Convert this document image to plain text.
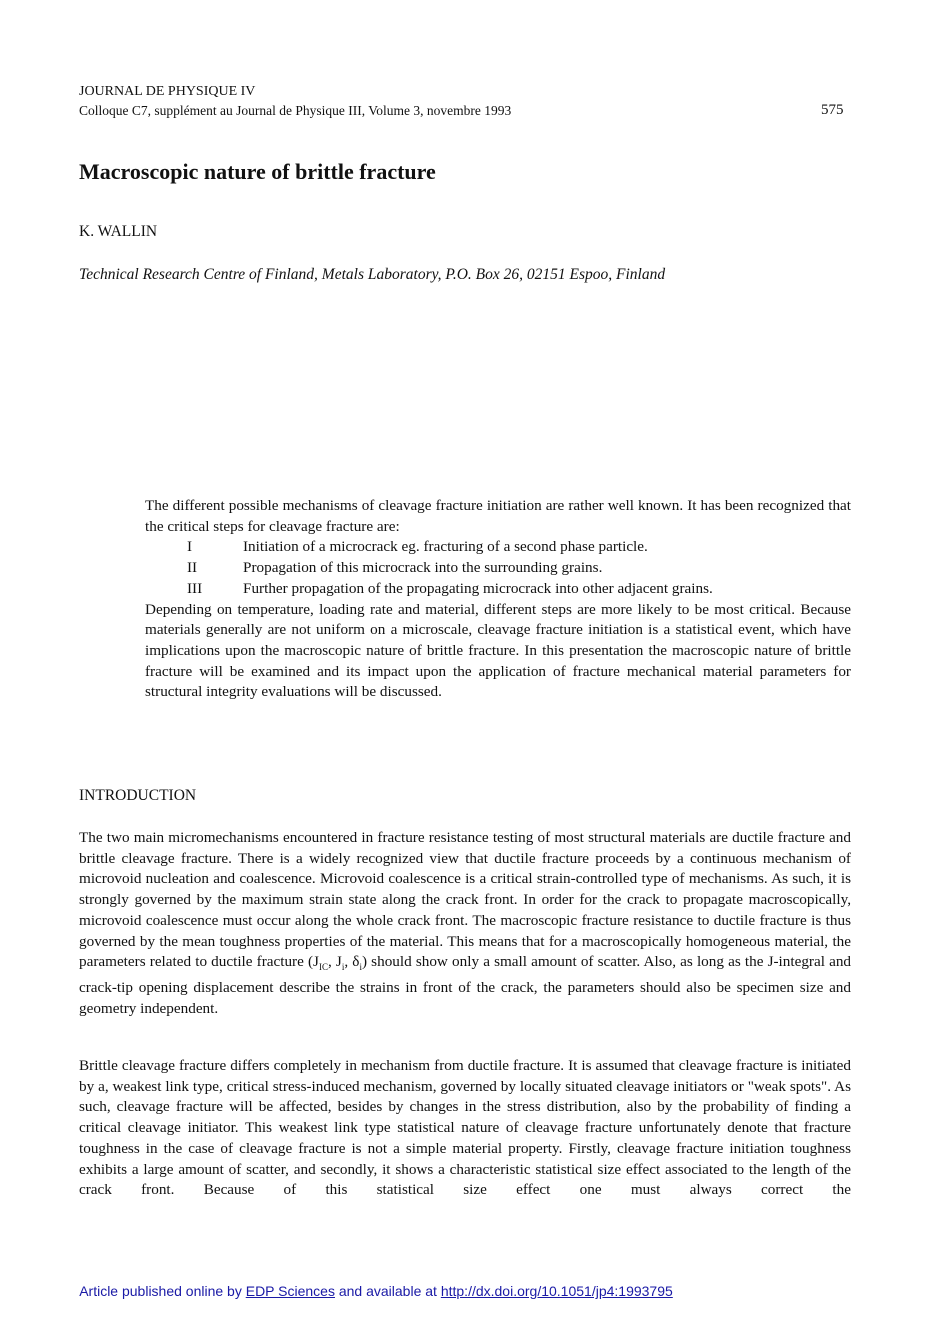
JOURNAL DE PHYSIQUE IV
Colloque C7, supplément au Journal de Physique III, Volume 3, novembre 1993	575
Macroscopic nature of brittle fracture
K. WALLIN
Technical Research Centre of Finland, Metals Laboratory, P.O. Box 26, 02151 Espoo, Finland

The different possible mechanisms of cleavage fracture initiation are rather well known. It has been recognized that the critical steps for cleavage fracture are:

I	Initiation of a microcrack eg. fracturing of a second phase particle.
II	Propagation of this microcrack into the surrounding grains.
III	Further propagation of the propagating microcrack into other adjacent grains.

Depending on temperature, loading rate and material, different steps are more likely to be most critical. Because materials generally are not uniform on a microscale, cleavage fracture initiation is a statistical event, which have implications upon the macroscopic nature of brittle fracture. In this presentation the macroscopic nature of brittle fracture will be examined and its impact upon the application of fracture mechanical material parameters for structural integrity evaluations will be discussed.

INTRODUCTION

The two main micromechanisms encountered in fracture resistance testing of most structural materials are ductile fracture and brittle cleavage fracture. There is a widely recognized view that ductile fracture proceeds by a continuous mechanism of microvoid nucleation and coalescence. Microvoid coalescence is a critical strain-controlled type of mechanisms. As such, it is strongly governed by the maximum strain state along the crack front. In order for the crack to propagate macroscopically, microvoid coalescence must occur along the whole crack front. The macroscopic fracture resistance to ductile fracture is thus governed by the mean toughness properties of the material. This means that for a macroscopically homogeneous material, the parameters related to ductile fracture ($J_{IC}$, $J_i$, $\delta_i$) should show only a small amount of scatter. Also, as long as the J-integral and crack-tip opening displacement describe the strains in front of the crack, the parameters should also be specimen size and geometry independent.

Brittle cleavage fracture differs completely in mechanism from ductile fracture. It is assumed that cleavage fracture is initiated by a, weakest link type, critical stress-induced mechanism, governed by locally situated cleavage initiators or "weak spots". As such, cleavage fracture will be affected, besides by changes in the stress distribution, also by the probability of finding a critical cleavage initiator. This weakest link type statistical nature of cleavage fracture unfortunately denote that fracture toughness in the case of cleavage fracture is not a simple material property. Firstly, cleavage fracture initiation toughness exhibits a large amount of scatter, and secondly, it shows a characteristic statistical size effect associated to the length of the crack front. Because of this statistical size effect one must always correct the

Article published online by EDP Sciences and available at http://dx.doi.org/10.1051/jp4:1993795
